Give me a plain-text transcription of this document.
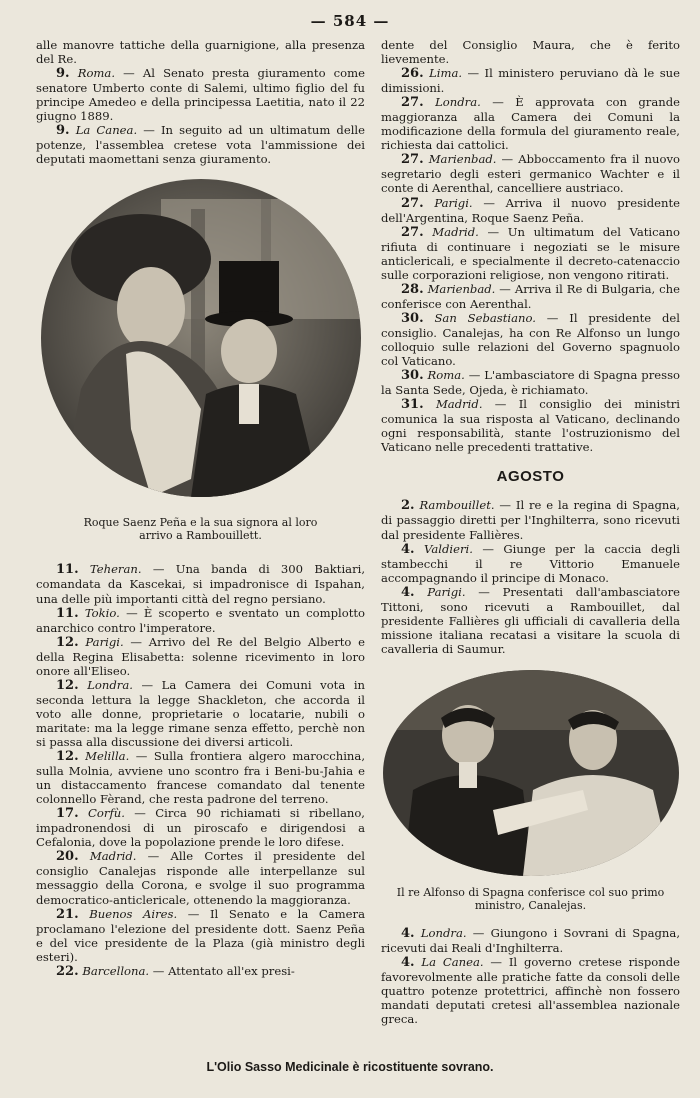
— 584 —

alle manovre tattiche della guarnigione, alla presenza del Re.

9. Roma. — Al Senato presta giuramento come senatore Umberto conte di Salemi, ultimo figlio del fu principe Amedeo e della principessa Laetitia, nato il 22 giugno 1889.

9. La Canea. — In seguito ad un ultimatum delle potenze, l'assemblea cretese vota l'ammissione dei deputati maomettani senza giuramento.

Roque Saenz Peña e la sua signora al loro arrivo a Rambouillett.

11. Teheran. — Una banda di 300 Baktiari, comandata da Kascekai, si impadronisce di Ispahan, una delle più importanti città del regno persiano.

11. Tokio. — È scoperto e sventato un complotto anarchico contro l'imperatore.

12. Parigi. — Arrivo del Re del Belgio Alberto e della Regina Elisabetta: solenne ricevimento in loro onore all'Eliseo.

12. Londra. — La Camera dei Comuni vota in seconda lettura la legge Shackleton, che accorda il voto alle donne, proprietarie o locatarie, nubili o maritate: ma la legge rimane senza effetto, perchè non si passa alla discussione dei diversi articoli.

12. Melilla. — Sulla frontiera algero marocchina, sulla Molnia, avviene uno scontro fra i Beni-bu-Jahia e un distaccamento francese comandato dal tenente colonnello Fèrand, che resta padrone del terreno.

17. Corfù. — Circa 90 richiamati si ribellano, impadronendosi di un piroscafo e dirigendosi a Cefalonia, dove la popolazione prende le loro difese.

20. Madrid. — Alle Cortes il presidente del consiglio Canalejas risponde alle interpellanze sul messaggio della Corona, e svolge il suo programma democratico-anticlericale, ottenendo la maggioranza.

21. Buenos Aires. — Il Senato e la Camera proclamano l'elezione del presidente dott. Saenz Peña e del vice presidente de la Plaza (già ministro degli esteri).

22. Barcellona. — Attentato all'ex presi-

dente del Consiglio Maura, che è ferito lievemente.

26. Lima. — Il ministero peruviano dà le sue dimissioni.

27. Londra. — È approvata con grande maggioranza alla Camera dei Comuni la modificazione della formula del giuramento reale, richiesta dai cattolici.

27. Marienbad. — Abboccamento fra il nuovo segretario degli esteri germanico Wachter e il conte di Aerenthal, cancelliere austriaco.

27. Parigi. — Arriva il nuovo presidente dell'Argentina, Roque Saenz Peña.

27. Madrid. — Un ultimatum del Vaticano rifiuta di continuare i negoziati se le misure anticlericali, e specialmente il decreto-catenaccio sulle corporazioni religiose, non vengono ritirati.

28. Marienbad. — Arriva il Re di Bulgaria, che conferisce con Aerenthal.

30. San Sebastiano. — Il presidente del consiglio. Canalejas, ha con Re Alfonso un lungo colloquio sulle relazioni del Governo spagnuolo col Vaticano.

30. Roma. — L'ambasciatore di Spagna presso la Santa Sede, Ojeda, è richiamato.

31. Madrid. — Il consiglio dei ministri comunica la sua risposta al Vaticano, declinando ogni responsabilità, stante l'ostruzionismo del Vaticano nelle precedenti trattative.

AGOSTO

2. Rambouillet. — Il re e la regina di Spagna, di passaggio diretti per l'Inghilterra, sono ricevuti dal presidente Fallières.

4. Valdieri. — Giunge per la caccia degli stambecchi il re Vittorio Emanuele accompagnando il principe di Monaco.

4. Parigi. — Presentati dall'ambasciatore Tittoni, sono ricevuti a Rambouillet, dal presidente Fallières gli ufficiali di cavalleria della missione italiana recatasi a visitare la scuola di cavalleria di Saumur.

Il re Alfonso di Spagna conferisce col suo primo ministro, Canalejas.

4. Londra. — Giungono i Sovrani di Spagna, ricevuti dai Reali d'Inghilterra.

4. La Canea. — Il governo cretese risponde favorevolmente alle pratiche fatte da consoli delle quattro potenze protettrici, affinchè non fossero mandati deputati cretesi all'assemblea nazionale greca.

L'Olio Sasso Medicinale è ricostituente sovrano.
